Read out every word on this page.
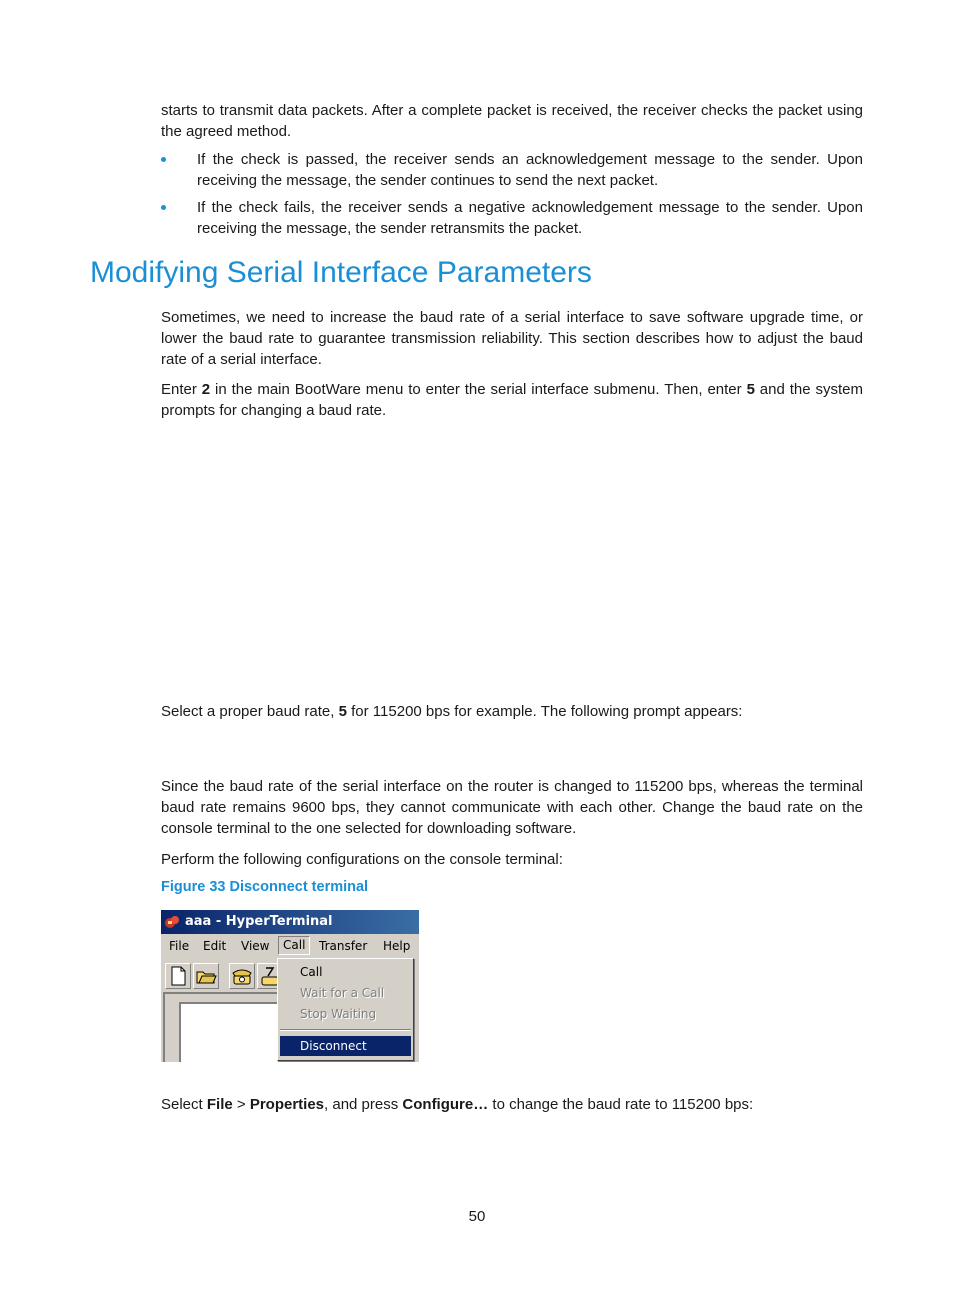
starts to transmit data packets. After a complete packet is received, the receiver checks the packet using the agreed method.

If the check is passed, the receiver sends an acknowledgement message to the sender. Upon receiving the message, the sender continues to send the next packet.
If the check fails, the receiver sends a negative acknowledgement message to the sender. Upon receiving the message, the sender retransmits the packet.
Modifying Serial Interface Parameters

Sometimes, we need to increase the baud rate of a serial interface to save software upgrade time, or lower the baud rate to guarantee transmission reliability. This section describes how to adjust the baud rate of a serial interface.

Enter 2 in the main BootWare menu to enter the serial interface submenu. Then, enter 5 and the system prompts for changing a baud rate.

Select a proper baud rate, 5 for 115200 bps for example. The following prompt appears:

Since the baud rate of the serial interface on the router is changed to 115200 bps, whereas the terminal baud rate remains 9600 bps, they cannot communicate with each other. Change the baud rate on the console terminal to the one selected for downloading software.

Perform the following configurations on the console terminal:

Figure 33 Disconnect terminal
aaa - HyperTerminal
File Edit View	Call	Transfer Help
Call
Wait for a Call
Stop Waiting
Disconnect

Select File > Properties, and press Configure… to change the baud rate to 115200 bps:

50
